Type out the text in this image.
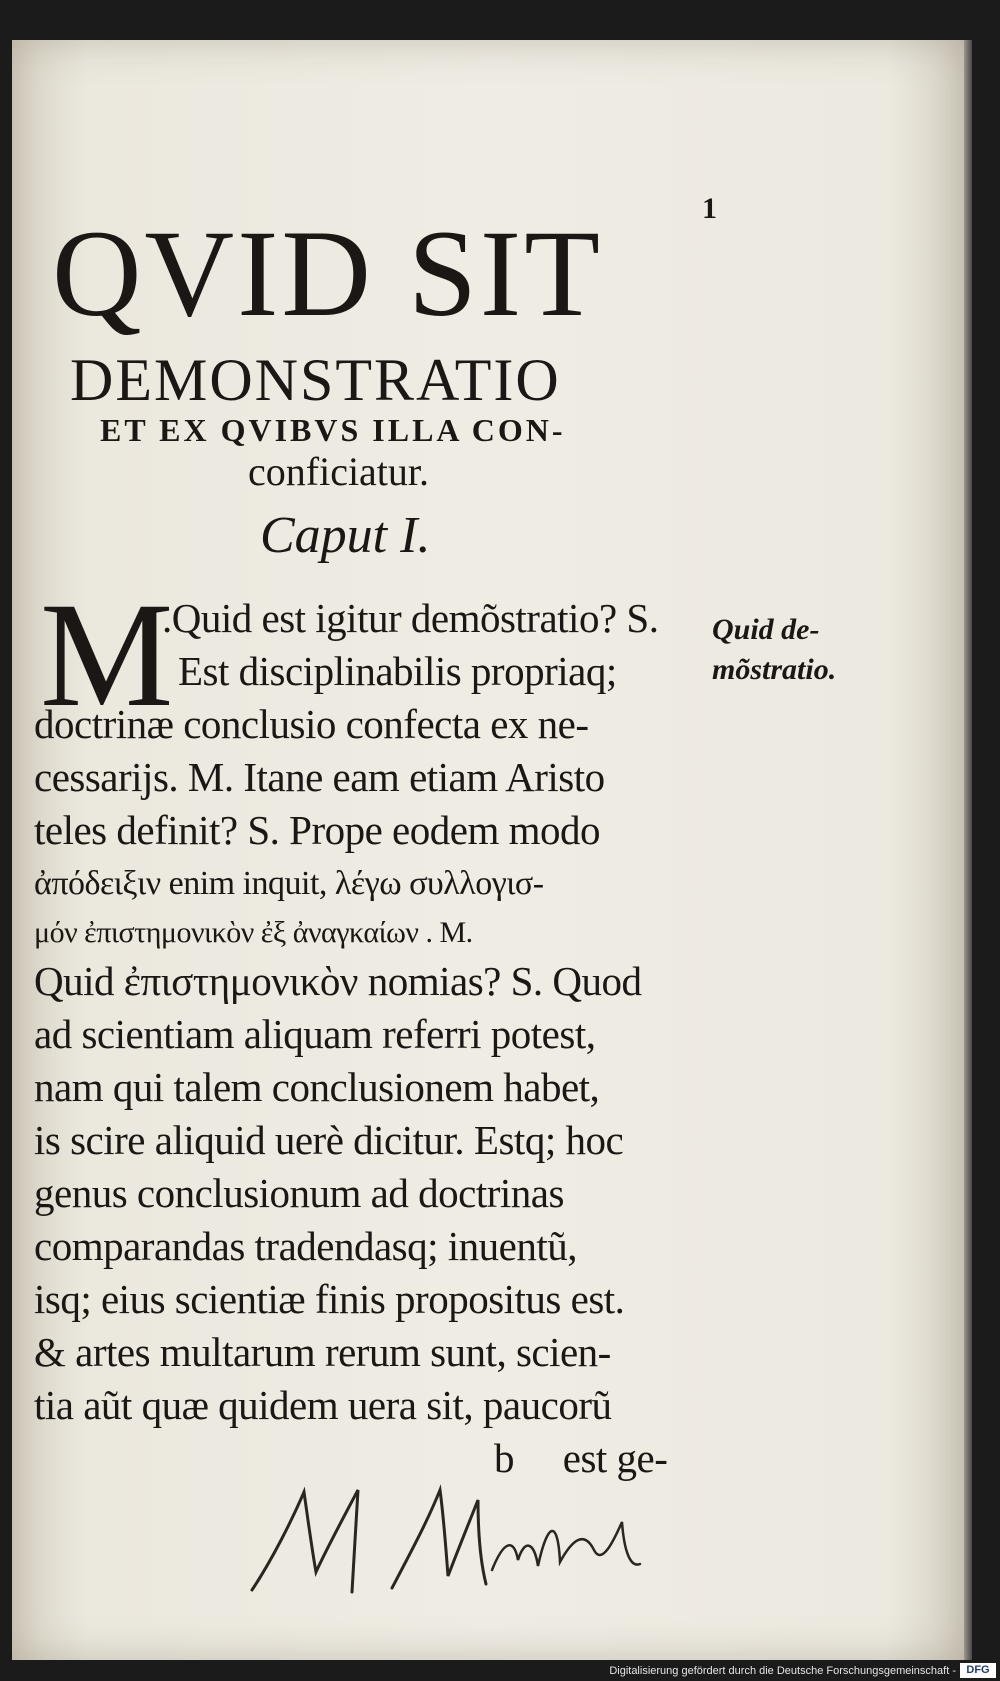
1
QVID SIT
DEMONSTRATIO
ET EX QVIBVS ILLA CON-
conficiatur.
Caput I.
M
.Quid est igitur demõstratio? S.
Est disciplinabilis propriaq;
doctrinæ conclusio confecta ex ne-
cessarijs. M. Itane eam etiam Aristo
teles definit? S. Prope eodem modo
ἀπόδειξιν enim inquit, λέγω συλλογισ-
μόν ἐπιστημονικὸν ἐξ ἀναγκαίων . M.
Quid ἐπιστημονικὸν nomias? S. Quod
ad scientiam aliquam referri potest,
nam qui talem conclusionem habet,
is scire aliquid uerè dicitur. Estq; hoc
genus conclusionum ad doctrinas
comparandas tradendasq; inuentũ,
isq; eius scientiæ finis propositus est.
& artes multarum rerum sunt, scien-
tia aũt quæ quidem uera sit, paucorũ
b     est ge-
Quid de-
mõstratio.
Digitalisierung gefördert durch die Deutsche Forschungsgemeinschaft - DFG
